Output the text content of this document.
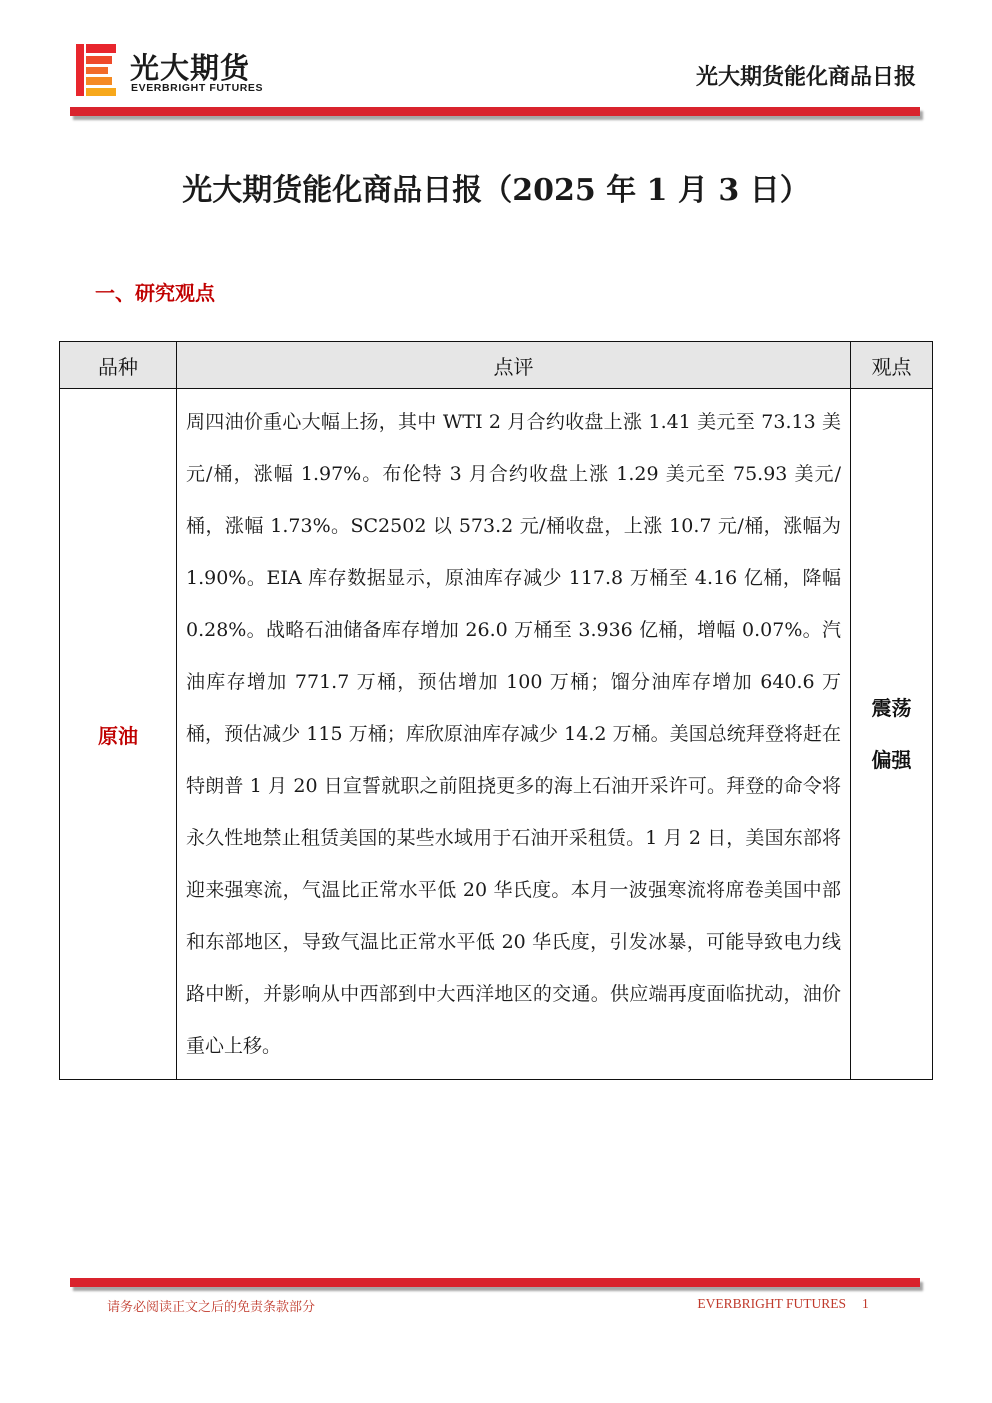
光大期货
EVERBRIGHT FUTURES	光大期货能化商品日报
光大期货能化商品日报（2025 年 1 月 3 日）
一、研究观点
品种	点评	观点
原油	周四油价重心大幅上扬，其中 WTI 2 月合约收盘上涨 1.41 美元至 73.13 美元/桶，涨幅 1.97%。布伦特 3 月合约收盘上涨 1.29 美元至 75.93 美元/桶，涨幅 1.73%。SC2502 以 573.2 元/桶收盘，上涨 10.7 元/桶，涨幅为 1.90%。EIA 库存数据显示，原油库存减少 117.8 万桶至 4.16 亿桶，降幅 0.28%。战略石油储备库存增加 26.0 万桶至 3.936 亿桶，增幅 0.07%。汽油库存增加 771.7 万桶，预估增加 100 万桶；馏分油库存增加 640.6 万桶，预估减少 115 万桶；库欣原油库存减少 14.2 万桶。美国总统拜登将赶在特朗普 1 月 20 日宣誓就职之前阻挠更多的海上石油开采许可。拜登的命令将永久性地禁止租赁美国的某些水域用于石油开采租赁。1 月 2 日，美国东部将迎来强寒流，气温比正常水平低 20 华氏度。本月一波强寒流将席卷美国中部和东部地区，导致气温比正常水平低 20 华氏度，引发冰暴，可能导致电力线路中断，并影响从中西部到中大西洋地区的交通。供应端再度面临扰动，油价重心上移。	震荡
偏强
请务必阅读正文之后的免责条款部分	EVERBRIGHT FUTURES 1
